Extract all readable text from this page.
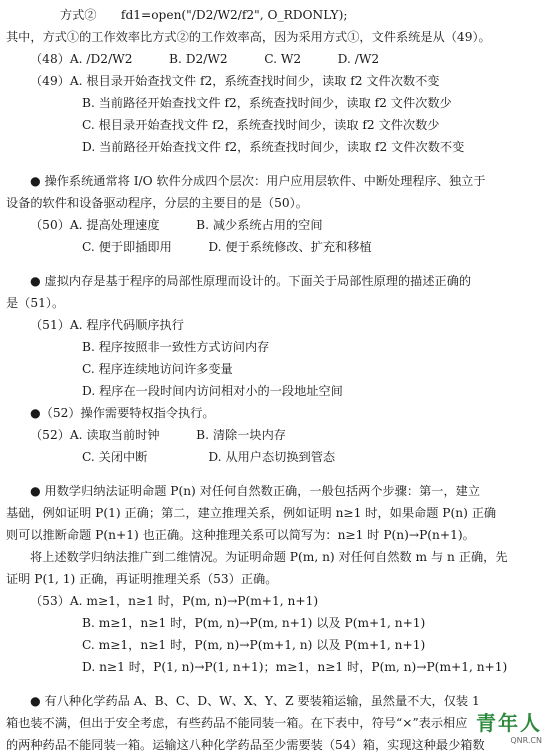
方式②　　fd1=open("/D2/W2/f2", O_RDONLY);
其中，方式①的工作效率比方式②的工作效率高，因为采用方式①，文件系统是从（49）。
（48）A. /D2/W2　　　B. D2/W2　　　C. W2　　　D. /W2
（49）A. 根目录开始查找文件 f2，系统查找时间少，读取 f2 文件次数不变
B. 当前路径开始查找文件 f2，系统查找时间少，读取 f2 文件次数少
C. 根目录开始查找文件 f2，系统查找时间少，读取 f2 文件次数少
D. 当前路径开始查找文件 f2，系统查找时间少，读取 f2 文件次数不变
● 操作系统通常将 I/O 软件分成四个层次：用户应用层软件、中断处理程序、独立于
设备的软件和设备驱动程序，分层的主要目的是（50）。
（50）A. 提高处理速度　　　B. 减少系统占用的空间
C. 便于即插即用　　　D. 便于系统修改、扩充和移植
● 虚拟内存是基于程序的局部性原理而设计的。下面关于局部性原理的描述正确的
是（51）。
（51）A. 程序代码顺序执行
B. 程序按照非一致性方式访问内存
C. 程序连续地访问许多变量
D. 程序在一段时间内访问相对小的一段地址空间
●（52）操作需要特权指令执行。
（52）A. 读取当前时钟　　　B. 清除一块内存
C. 关闭中断　　　　　D. 从用户态切换到管态
● 用数学归纳法证明命题 P(n) 对任何自然数正确，一般包括两个步骤：第一，建立
基础，例如证明 P(1) 正确；第二，建立推理关系，例如证明 n≥1 时，如果命题 P(n) 正确
则可以推断命题 P(n+1) 也正确。这种推理关系可以简写为：n≥1 时 P(n)→P(n+1)。
将上述数学归纳法推广到二维情况。为证明命题 P(m, n) 对任何自然数 m 与 n 正确，先
证明 P(1, 1) 正确，再证明推理关系（53）正确。
（53）A. m≥1，n≥1 时，P(m, n)→P(m+1, n+1)
B. m≥1，n≥1 时，P(m, n)→P(m, n+1) 以及 P(m+1, n+1)
C. m≥1，n≥1 时，P(m, n)→P(m+1, n) 以及 P(m+1, n+1)
D. n≥1 时，P(1, n)→P(1, n+1)；m≥1，n≥1 时，P(m, n)→P(m+1, n+1)
● 有八种化学药品 A、B、C、D、W、X、Y、Z 要装箱运输，虽然量不大，仅装 1
箱也装不满，但出于安全考虑，有些药品不能同装一箱。在下表中，符号“×”表示相应
的两种药品不能同装一箱。运输这八种化学药品至少需要装（54）箱，实现这种最少箱数
青年人
QNR.CN
